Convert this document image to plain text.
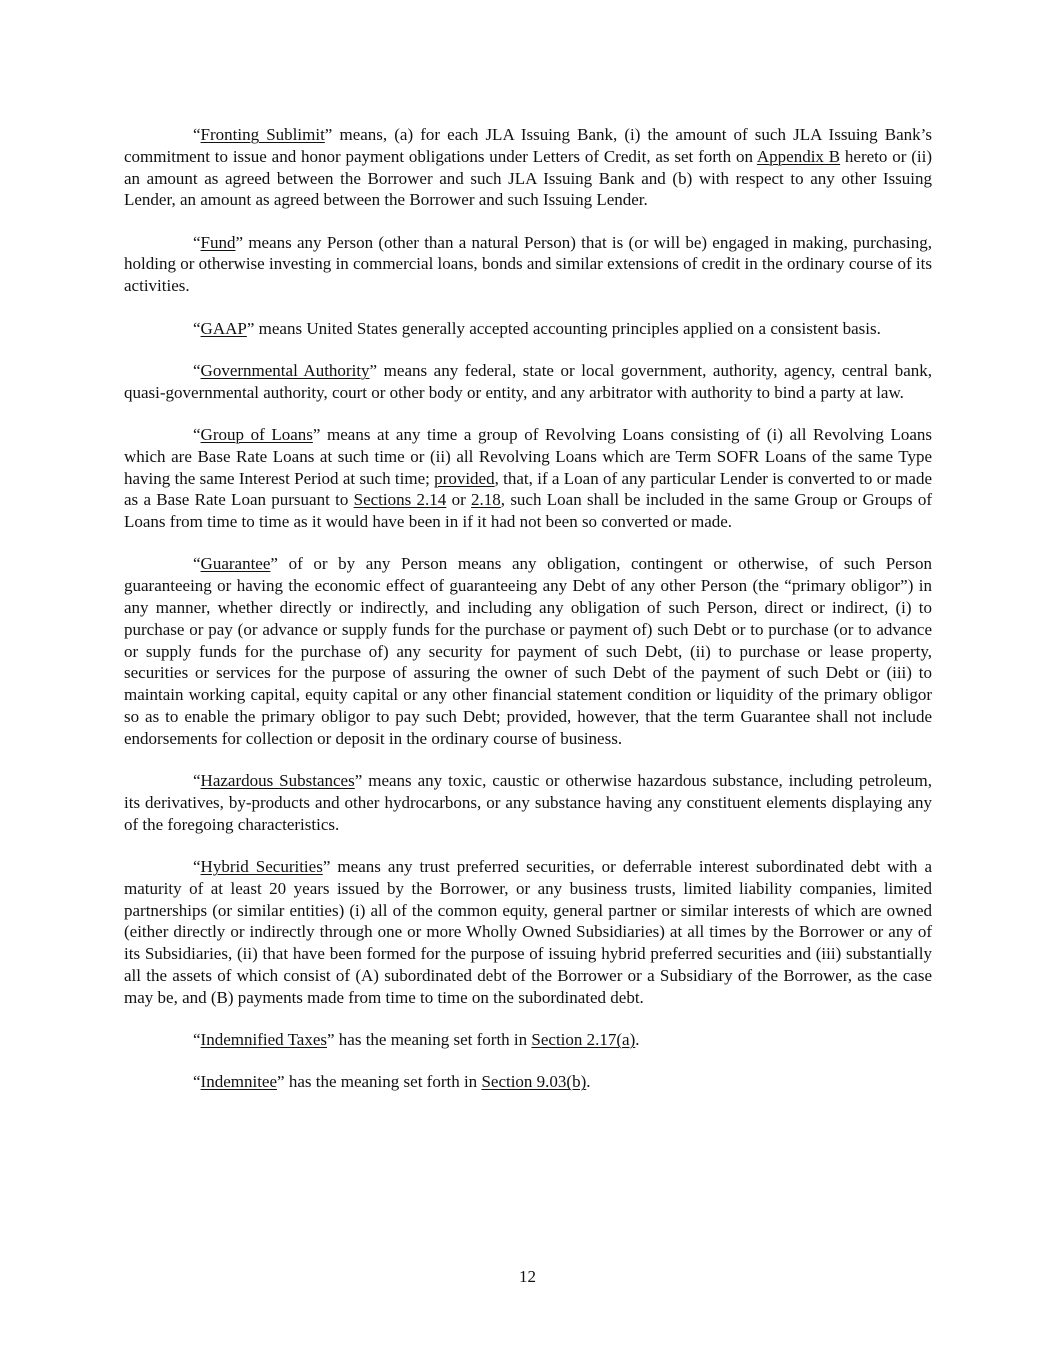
“Fronting Sublimit” means, (a) for each JLA Issuing Bank, (i) the amount of such JLA Issuing Bank’s commitment to issue and honor payment obligations under Letters of Credit, as set forth on Appendix B hereto or (ii) an amount as agreed between the Borrower and such JLA Issuing Bank and (b) with respect to any other Issuing Lender, an amount as agreed between the Borrower and such Issuing Lender.

“Fund” means any Person (other than a natural Person) that is (or will be) engaged in making, purchasing, holding or otherwise investing in commercial loans, bonds and similar extensions of credit in the ordinary course of its activities.

“GAAP” means United States generally accepted accounting principles applied on a consistent basis.

“Governmental Authority” means any federal, state or local government, authority, agency, central bank, quasi-governmental authority, court or other body or entity, and any arbitrator with authority to bind a party at law.

“Group of Loans” means at any time a group of Revolving Loans consisting of (i) all Revolving Loans which are Base Rate Loans at such time or (ii) all Revolving Loans which are Term SOFR Loans of the same Type having the same Interest Period at such time; provided, that, if a Loan of any particular Lender is converted to or made as a Base Rate Loan pursuant to Sections 2.14 or 2.18, such Loan shall be included in the same Group or Groups of Loans from time to time as it would have been in if it had not been so converted or made.

“Guarantee” of or by any Person means any obligation, contingent or otherwise, of such Person guaranteeing or having the economic effect of guaranteeing any Debt of any other Person (the “primary obligor”) in any manner, whether directly or indirectly, and including any obligation of such Person, direct or indirect, (i) to purchase or pay (or advance or supply funds for the purchase or payment of) such Debt or to purchase (or to advance or supply funds for the purchase of) any security for payment of such Debt, (ii) to purchase or lease property, securities or services for the purpose of assuring the owner of such Debt of the payment of such Debt or (iii) to maintain working capital, equity capital or any other financial statement condition or liquidity of the primary obligor so as to enable the primary obligor to pay such Debt; provided, however, that the term Guarantee shall not include endorsements for collection or deposit in the ordinary course of business.

“Hazardous Substances” means any toxic, caustic or otherwise hazardous substance, including petroleum, its derivatives, by-products and other hydrocarbons, or any substance having any constituent elements displaying any of the foregoing characteristics.

“Hybrid Securities” means any trust preferred securities, or deferrable interest subordinated debt with a maturity of at least 20 years issued by the Borrower, or any business trusts, limited liability companies, limited partnerships (or similar entities) (i) all of the common equity, general partner or similar interests of which are owned (either directly or indirectly through one or more Wholly Owned Subsidiaries) at all times by the Borrower or any of its Subsidiaries, (ii) that have been formed for the purpose of issuing hybrid preferred securities and (iii) substantially all the assets of which consist of (A) subordinated debt of the Borrower or a Subsidiary of the Borrower, as the case may be, and (B) payments made from time to time on the subordinated debt.

“Indemnified Taxes” has the meaning set forth in Section 2.17(a).

“Indemnitee” has the meaning set forth in Section 9.03(b).

12
